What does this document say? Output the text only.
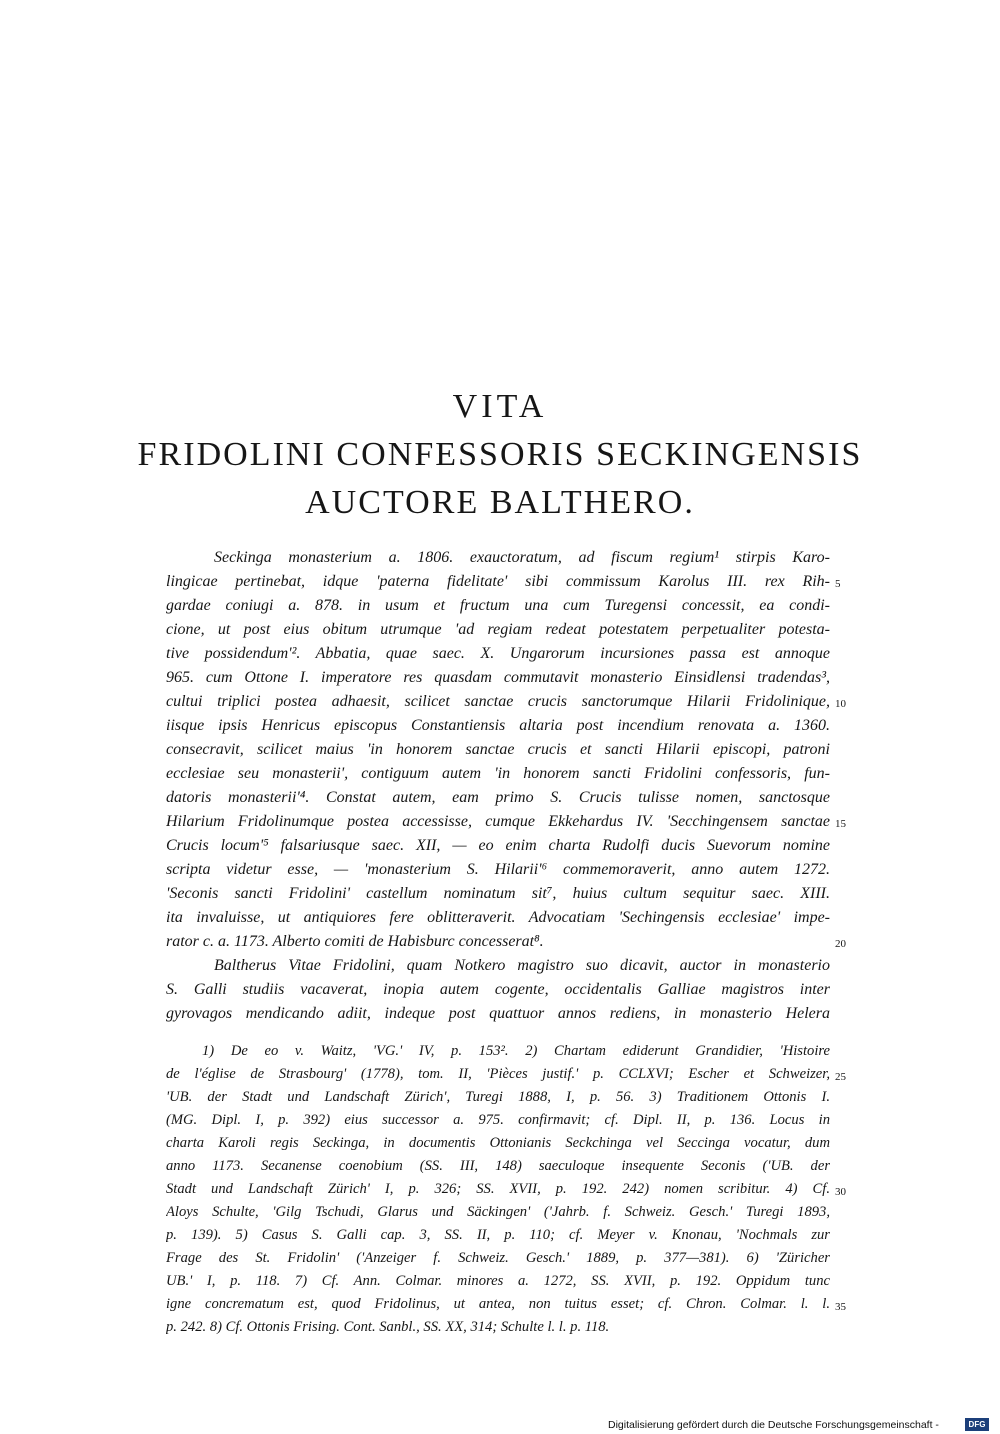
VITA
FRIDOLINI CONFESSORIS SECKINGENSIS
AUCTORE BALTHERO.
Seckinga monasterium a. 1806. exauctoratum, ad fiscum regium¹ stirpis Karo-
lingicae pertinebat, idque 'paterna fidelitate' sibi commissum Karolus III. rex Rih-
gardae coniugi a. 878. in usum et fructum una cum Turegensi concessit, ea condi-
cione, ut post eius obitum utrumque 'ad regiam redeat potestatem perpetualiter potesta-
tive possidendum'². Abbatia, quae saec. X. Ungarorum incursiones passa est annoque
965. cum Ottone I. imperatore res quasdam commutavit monasterio Einsidlensi tradendas³,
cultui triplici postea adhaesit, scilicet sanctae crucis sanctorumque Hilarii Fridolinique,
iisque ipsis Henricus episcopus Constantiensis altaria post incendium renovata a. 1360.
consecravit, scilicet maius 'in honorem sanctae crucis et sancti Hilarii episcopi, patroni
ecclesiae seu monasterii', contiguum autem 'in honorem sancti Fridolini confessoris, fun-
datoris monasterii'⁴. Constat autem, eam primo S. Crucis tulisse nomen, sanctosque
Hilarium Fridolinumque postea accessisse, cumque Ekkehardus IV. 'Secchingensem sanctae
Crucis locum'⁵ falsariusque saec. XII, — eo enim charta Rudolfi ducis Suevorum nomine
scripta videtur esse, — 'monasterium S. Hilarii'⁶ commemoraverit, anno autem 1272.
'Seconis sancti Fridolini' castellum nominatum sit⁷, huius cultum sequitur saec. XIII.
ita invaluisse, ut antiquiores fere oblitteraverit. Advocatiam 'Sechingensis ecclesiae' impe-
rator c. a. 1173. Alberto comiti de Habisburc concesserat⁸.
Baltherus Vitae Fridolini, quam Notkero magistro suo dicavit, auctor in monasterio
S. Galli studiis vacaverat, inopia autem cogente, occidentalis Galliae magistros inter
gyrovagos mendicando adiit, indeque post quattuor annos rediens, in monasterio Helera
1) De eo v. Waitz, 'VG.' IV, p. 153². 2) Chartam ediderunt Grandidier, 'Histoire
de l'église de Strasbourg' (1778), tom. II, 'Pièces justif.' p. CCLXVI; Escher et Schweizer,
'UB. der Stadt und Landschaft Zürich', Turegi 1888, I, p. 56. 3) Traditionem Ottonis I.
(MG. Dipl. I, p. 392) eius successor a. 975. confirmavit; cf. Dipl. II, p. 136. Locus in
charta Karoli regis Seckinga, in documentis Ottonianis Seckchinga vel Seccinga vocatur, dum
anno 1173. Secanense coenobium (SS. III, 148) saeculoque insequente Seconis ('UB. der
Stadt und Landschaft Zürich' I, p. 326; SS. XVII, p. 192. 242) nomen scribitur. 4) Cf.
Aloys Schulte, 'Gilg Tschudi, Glarus und Säckingen' ('Jahrb. f. Schweiz. Gesch.' Turegi 1893,
p. 139). 5) Casus S. Galli cap. 3, SS. II, p. 110; cf. Meyer v. Knonau, 'Nochmals zur
Frage des St. Fridolin' ('Anzeiger f. Schweiz. Gesch.' 1889, p. 377—381). 6) 'Züricher
UB.' I, p. 118. 7) Cf. Ann. Colmar. minores a. 1272, SS. XVII, p. 192. Oppidum tunc
igne concrematum est, quod Fridolinus, ut antea, non tuitus esset; cf. Chron. Colmar. l. l.
p. 242. 8) Cf. Ottonis Frising. Cont. Sanbl., SS. XX, 314; Schulte l. l. p. 118.
5
10
15
20
25
30
35
Digitalisierung gefördert durch die Deutsche Forschungsgemeinschaft -	DFG
